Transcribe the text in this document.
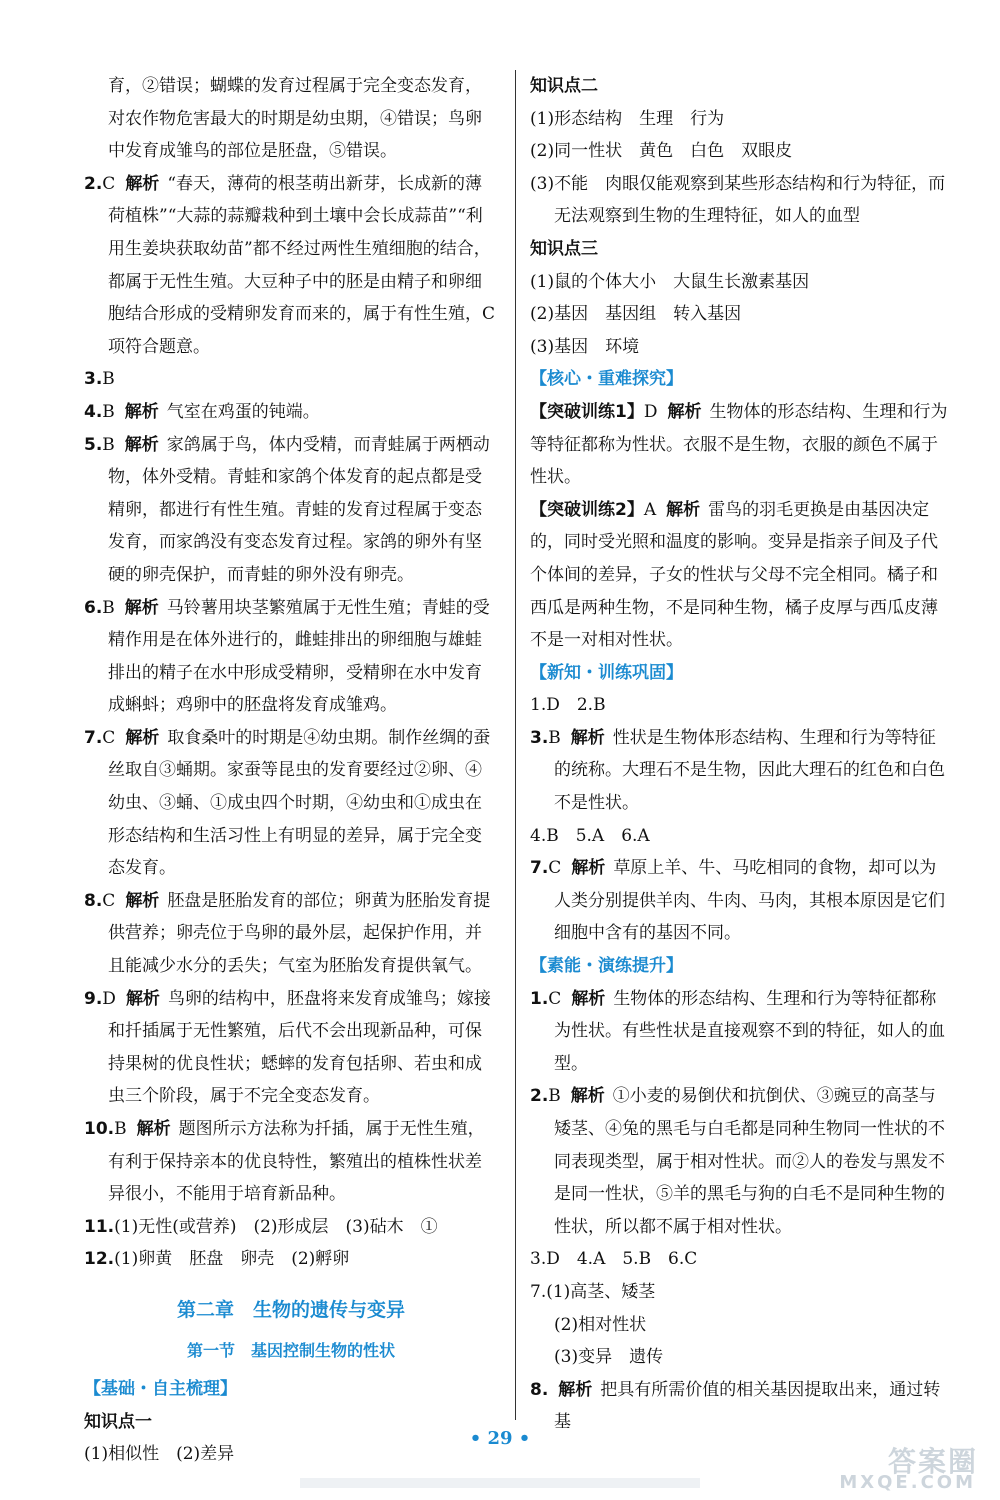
育，②错误；蝴蝶的发育过程属于完全变态发育，对农作物危害最大的时期是幼虫期，④错误；鸟卵中发育成雏鸟的部位是胚盘，⑤错误。

2.C 解析 “春天，薄荷的根茎萌出新芽，长成新的薄荷植株”“大蒜的蒜瓣栽种到土壤中会长成蒜苗”“利用生姜块获取幼苗”都不经过两性生殖细胞的结合，都属于无性生殖。大豆种子中的胚是由精子和卵细胞结合形成的受精卵发育而来的，属于有性生殖，C项符合题意。

3.B

4.B 解析 气室在鸡蛋的钝端。

5.B 解析 家鸽属于鸟，体内受精，而青蛙属于两栖动物，体外受精。青蛙和家鸽个体发育的起点都是受精卵，都进行有性生殖。青蛙的发育过程属于变态发育，而家鸽没有变态发育过程。家鸽的卵外有坚硬的卵壳保护，而青蛙的卵外没有卵壳。

6.B 解析 马铃薯用块茎繁殖属于无性生殖；青蛙的受精作用是在体外进行的，雌蛙排出的卵细胞与雄蛙排出的精子在水中形成受精卵，受精卵在水中发育成蝌蚪；鸡卵中的胚盘将发育成雏鸡。

7.C 解析 取食桑叶的时期是④幼虫期。制作丝绸的蚕丝取自③蛹期。家蚕等昆虫的发育要经过②卵、④幼虫、③蛹、①成虫四个时期，④幼虫和①成虫在形态结构和生活习性上有明显的差异，属于完全变态发育。

8.C 解析 胚盘是胚胎发育的部位；卵黄为胚胎发育提供营养；卵壳位于鸟卵的最外层，起保护作用，并且能减少水分的丢失；气室为胚胎发育提供氧气。

9.D 解析 鸟卵的结构中，胚盘将来发育成雏鸟；嫁接和扦插属于无性繁殖，后代不会出现新品种，可保持果树的优良性状；蟋蟀的发育包括卵、若虫和成虫三个阶段，属于不完全变态发育。

10.B 解析 题图所示方法称为扦插，属于无性生殖，有利于保持亲本的优良特性，繁殖出的植株性状差异很小，不能用于培育新品种。

11.(1)无性(或营养)　(2)形成层　(3)砧木　①

12.(1)卵黄　胚盘　卵壳　(2)孵卵

第二章　生物的遗传与变异
第一节　基因控制生物的性状

【基础・自主梳理】

知识点一

(1)相似性　(2)差异

知识点二

(1)形态结构　生理　行为

(2)同一性状　黄色　白色　双眼皮

(3)不能　肉眼仅能观察到某些形态结构和行为特征，而无法观察到生物的生理特征，如人的血型

知识点三

(1)鼠的个体大小　大鼠生长激素基因

(2)基因　基因组　转入基因

(3)基因　环境

【核心・重难探究】

【突破训练1】D 解析 生物体的形态结构、生理和行为等特征都称为性状。衣服不是生物，衣服的颜色不属于性状。

【突破训练2】A 解析 雷鸟的羽毛更换是由基因决定的，同时受光照和温度的影响。变异是指亲子间及子代个体间的差异，子女的性状与父母不完全相同。橘子和西瓜是两种生物，不是同种生物，橘子皮厚与西瓜皮薄不是一对相对性状。

【新知・训练巩固】

1.D　2.B

3.B 解析 性状是生物体形态结构、生理和行为等特征的统称。大理石不是生物，因此大理石的红色和白色不是性状。

4.B　5.A　6.A

7.C 解析 草原上羊、牛、马吃相同的食物，却可以为人类分别提供羊肉、牛肉、马肉，其根本原因是它们细胞中含有的基因不同。

【素能・演练提升】

1.C 解析 生物体的形态结构、生理和行为等特征都称为性状。有些性状是直接观察不到的特征，如人的血型。

2.B 解析 ①小麦的易倒伏和抗倒伏、③豌豆的高茎与矮茎、④兔的黑毛与白毛都是同种生物同一性状的不同表现类型，属于相对性状。而②人的卷发与黑发不是同一性状，⑤羊的黑毛与狗的白毛不是同种生物的性状，所以都不属于相对性状。

3.D　4.A　5.B　6.C

7.(1)高茎、矮茎

(2)相对性状

(3)变异　遗传

8. 解析 把具有所需价值的相关基因提取出来，通过转基

• 29 •
答案圈
MXQE.COM
